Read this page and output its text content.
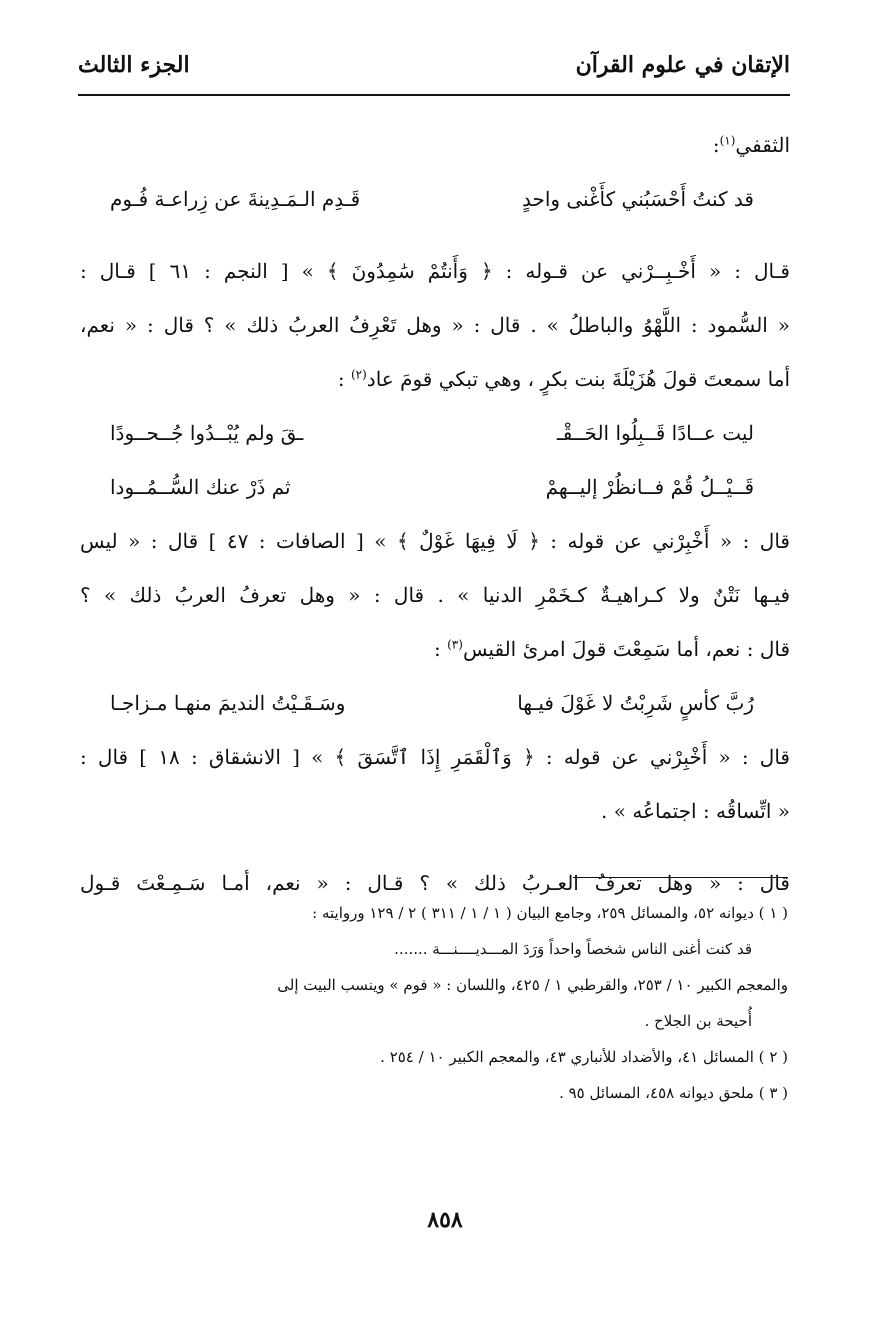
الإتقان في علوم القرآن
الجزء الثالث
الثقفي$^{(١)}$:
قد كنتُ أَحْسَبُني كأَغْنى واحدٍ
قَـدِم الـمَـدِينةَ عن زِراعـة فُـوم
قـال : « أَخْـبِــرْني عن قـوله : ﴿ وَأَنتُمْ سَٰمِدُونَ ﴾ » [ النجم : ٦١ ] قـال :
« السُّمود : اللَّهْوُ والباطلُ » . قال : « وهل تَعْرِفُ العربُ ذلك » ؟ قال : « نعم،
أما سمعتَ قولَ هُزَيْلَةَ بنت بكرٍ ، وهي تبكي قومَ عاد$^{(٢)}$ :
ليت عــادًا قَــبِلُوا الحَــقْـ
ـقَ ولم يُبْــدُوا جُــحــودًا
قَــيْــلُ قُمْ فــانظُرْ إليــهمْ
ثم ذَرْ عنك السُّــمُــودا
قال : « أَخْبِرْني عن قوله : ﴿ لَا فِيهَا غَوْلٌ ﴾ » [ الصافات : ٤٧ ] قال : « ليس
فيـها نَتْنٌ ولا كـراهيـةٌ كـخَمْرِ الدنيا » . قال : « وهل تعرفُ العربُ ذلك » ؟
قال : نعم، أما سَمِعْتَ قولَ امرئ القيس$^{(٣)}$ :
رُبَّ كأسٍ شَرِبْتُ لا غَوْلَ فيـها
وسَـقَـيْتُ النديمَ منهـا مـزاجـا
قال : « أَخْبِرْني عن قوله : ﴿ وَٱلْقَمَرِ إِذَا ٱتَّسَقَ ﴾ » [ الانشقاق : ١٨ ] قال :
« اتِّساقُه : اجتماعُه » .
قال : « وهل تعرفُ العـربُ ذلك » ؟ قـال : « نعم، أمـا سَـمِـعْتَ قـول
( ١ ) ديوانه ٥٢، والمسائل ٢٥٩، وجامع البيان ( ١ / ١ / ٣١١ ) ٢ / ١٢٩ وروايته :
قد كنت أغنى الناس شخصاً واحداً وَرَدَ المـــديــــنـــة .......
والمعجم الكبير ١٠ / ٢٥٣، والقرطبي ١ / ٤٢٥، واللسان : « فوم » وينسب البيت إلى
أُحيحة بن الجلاح .
( ٢ ) المسائل ٤١، والأضداد للأنباري ٤٣، والمعجم الكبير ١٠ / ٢٥٤ .
( ٣ ) ملحق ديوانه ٤٥٨، المسائل ٩٥ .
٨٥٨
